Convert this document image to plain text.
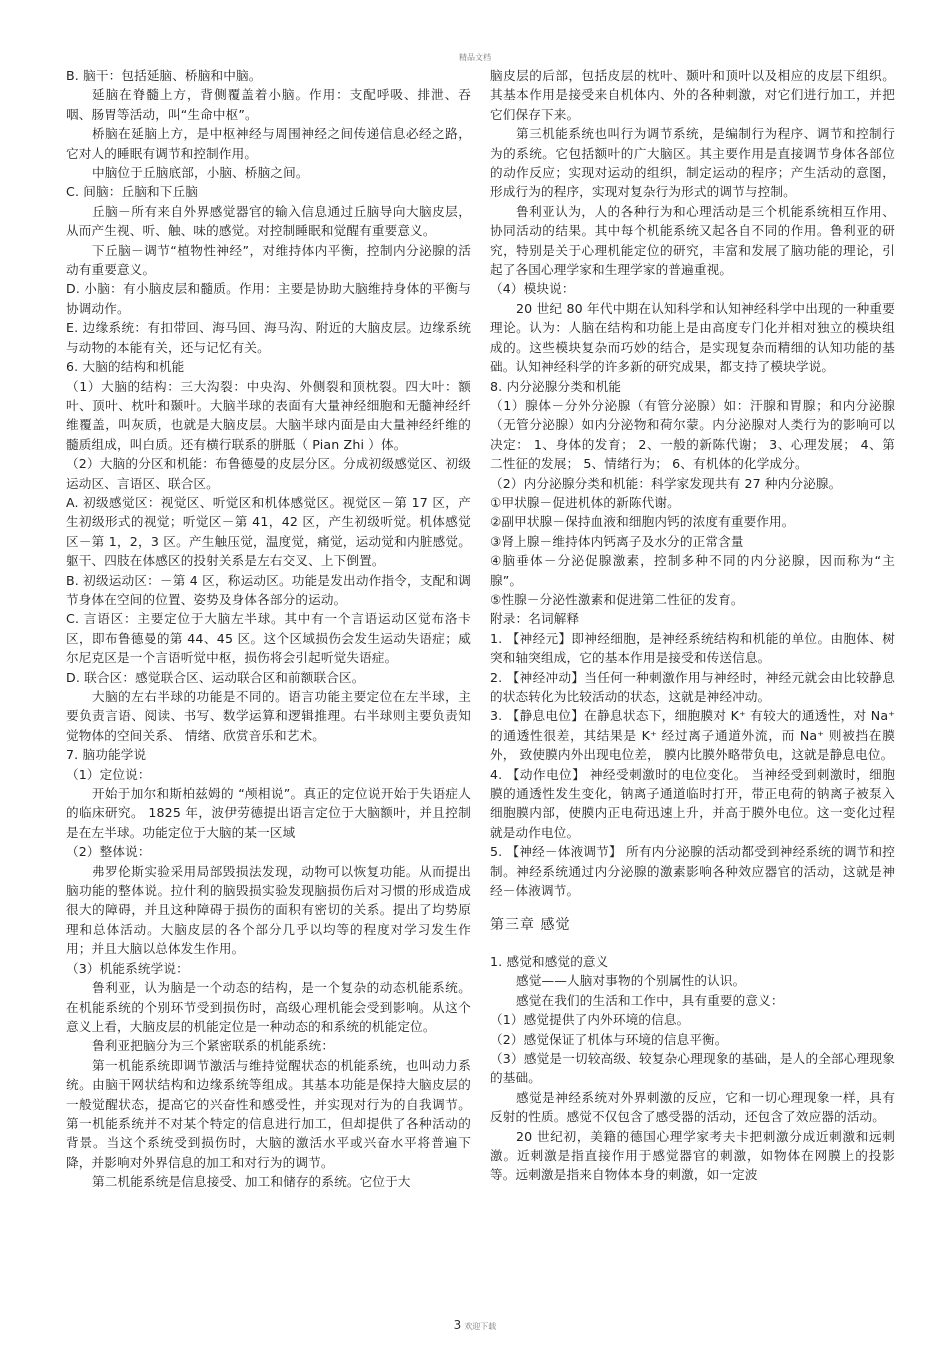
精品文档

B. 脑干：包括延脑、桥脑和中脑。

延脑在脊髓上方，背侧覆盖着小脑。作用：支配呼吸、排泄、吞咽、肠胃等活动，叫“生命中枢”。

桥脑在延脑上方，是中枢神经与周围神经之间传递信息必经之路，它对人的睡眠有调节和控制作用。

中脑位于丘脑底部，小脑、桥脑之间。

C. 间脑：丘脑和下丘脑

丘脑－所有来自外界感觉器官的输入信息通过丘脑导向大脑皮层，从而产生视、听、触、味的感觉。对控制睡眠和觉醒有重要意义。

下丘脑－调节“植物性神经”，对维持体内平衡，控制内分泌腺的活动有重要意义。

D. 小脑：有小脑皮层和髓质。作用：主要是协助大脑维持身体的平衡与协调动作。

E. 边缘系统：有扣带回、海马回、海马沟、附近的大脑皮层。边缘系统与动物的本能有关，还与记忆有关。

6. 大脑的结构和机能

（1）大脑的结构：三大沟裂：中央沟、外侧裂和顶枕裂。四大叶：额叶、顶叶、枕叶和颞叶。大脑半球的表面有大量神经细胞和无髓神经纤维覆盖，叫灰质，也就是大脑皮层。大脑半球内面是由大量神经纤维的髓质组成，叫白质。还有横行联系的胼胝（ Pian Zhi ）体。

（2）大脑的分区和机能：布鲁德曼的皮层分区。分成初级感觉区、初级运动区、言语区、联合区。

A. 初级感觉区：视觉区、听觉区和机体感觉区。视觉区－第 17 区，产生初级形式的视觉；听觉区－第 41，42 区，产生初级听觉。机体感觉区－第 1，2，3 区。产生触压觉，温度觉，痛觉，运动觉和内脏感觉。躯干、四肢在体感区的投射关系是左右交叉、上下倒置。

B. 初级运动区：－第 4 区，称运动区。功能是发出动作指令，支配和调节身体在空间的位置、姿势及身体各部分的运动。

C. 言语区：主要定位于大脑左半球。其中有一个言语运动区觉布洛卡区，即布鲁德曼的第 44、45 区。这个区域损伤会发生运动失语症；威尔尼克区是一个言语听觉中枢，损伤将会引起听觉失语症。

D. 联合区：感觉联合区、运动联合区和前额联合区。

大脑的左右半球的功能是不同的。语言功能主要定位在左半球，主要负责言语、阅读、书写、数学运算和逻辑推理。右半球则主要负责知觉物体的空间关系、 情绪、欣赏音乐和艺术。

7. 脑功能学说

（1）定位说：

开始于加尔和斯柏兹姆的 “颅相说”。真正的定位说开始于失语症人的临床研究。 1825 年，波伊劳德提出语言定位于大脑额叶，并且控制是在左半球。功能定位于大脑的某一区域

（2）整体说：

弗罗伦斯实验采用局部毁损法发现，动物可以恢复功能。从而提出脑功能的整体说。拉什利的脑毁损实验发现脑损伤后对习惯的形成造成很大的障碍，并且这种障碍于损伤的面积有密切的关系。提出了均势原理和总体活动。大脑皮层的各个部分几乎以均等的程度对学习发生作用；并且大脑以总体发生作用。

（3）机能系统学说：

鲁利亚，认为脑是一个动态的结构，是一个复杂的动态机能系统。在机能系统的个别环节受到损伤时，高级心理机能会受到影响。从这个意义上看，大脑皮层的机能定位是一种动态的和系统的机能定位。

鲁利亚把脑分为三个紧密联系的机能系统：

第一机能系统即调节激活与维持觉醒状态的机能系统，也叫动力系统。由脑干网状结构和边缘系统等组成。其基本功能是保持大脑皮层的一般觉醒状态，提高它的兴奋性和感受性，并实现对行为的自我调节。第一机能系统并不对某个特定的信息进行加工，但却提供了各种活动的背景。当这个系统受到损伤时，大脑的激活水平或兴奋水平将普遍下降，并影响对外界信息的加工和对行为的调节。

第二机能系统是信息接受、加工和储存的系统。它位于大

脑皮层的后部，包括皮层的枕叶、颞叶和顶叶以及相应的皮层下组织。其基本作用是接受来自机体内、外的各种刺激，对它们进行加工，并把它们保存下来。

第三机能系统也叫行为调节系统，是编制行为程序、调节和控制行为的系统。它包括额叶的广大脑区。其主要作用是直接调节身体各部位的动作反应；实现对运动的组织，制定运动的程序；产生活动的意图，形成行为的程序，实现对复杂行为形式的调节与控制。

鲁利亚认为，人的各种行为和心理活动是三个机能系统相互作用、协同活动的结果。其中每个机能系统又起各自不同的作用。鲁利亚的研究，特别是关于心理机能定位的研究，丰富和发展了脑功能的理论，引起了各国心理学家和生理学家的普遍重视。

（4）模块说：

20 世纪 80 年代中期在认知科学和认知神经科学中出现的一种重要理论。认为：人脑在结构和功能上是由高度专门化并相对独立的模块组成的。这些模块复杂而巧妙的结合，是实现复杂而精细的认知功能的基础。认知神经科学的许多新的研究成果，都支持了模块学说。

8. 内分泌腺分类和机能

（1）腺体－分外分泌腺（有管分泌腺）如：汗腺和胃腺；和内分泌腺（无管分泌腺）如内分泌物和荷尔蒙。内分泌腺对人类行为的影响可以决定： 1、身体的发育； 2、一般的新陈代谢； 3、心理发展； 4、第二性征的发展； 5、情绪行为； 6、有机体的化学成分。

（2）内分泌腺分类和机能：科学家发现共有 27 种内分泌腺。

①甲状腺－促进机体的新陈代谢。

②副甲状腺－保持血液和细胞内钙的浓度有重要作用。

③肾上腺－维持体内钙离子及水分的正常含量

④脑垂体－分泌促腺激素，控制多种不同的内分泌腺，因而称为“主腺”。

⑤性腺－分泌性激素和促进第二性征的发育。

附录：名词解释

1. 【神经元】即神经细胞，是神经系统结构和机能的单位。由胞体、树突和轴突组成，它的基本作用是接受和传送信息。

2. 【神经冲动】当任何一种刺激作用与神经时，神经元就会由比较静息的状态转化为比较活动的状态，这就是神经冲动。

3. 【静息电位】在静息状态下，细胞膜对 K⁺ 有较大的通透性，对 Na⁺ 的通透性很差，其结果是 K⁺ 经过离子通道外流，而 Na⁺ 则被挡在膜外， 致使膜内外出现电位差， 膜内比膜外略带负电，这就是静息电位。

4. 【动作电位】 神经受刺激时的电位变化。 当神经受到刺激时，细胞膜的通透性发生变化，钠离子通道临时打开，带正电荷的钠离子被泵入细胞膜内部，使膜内正电荷迅速上升，并高于膜外电位。这一变化过程就是动作电位。

5. 【神经－体液调节】 所有内分泌腺的活动都受到神经系统的调节和控制。神经系统通过内分泌腺的激素影响各种效应器官的活动，这就是神经－体液调节。

第三章 感觉

1. 感觉和感觉的意义

感觉——人脑对事物的个别属性的认识。

感觉在我们的生活和工作中，具有重要的意义：

（1）感觉提供了内外环境的信息。

（2）感觉保证了机体与环境的信息平衡。

（3）感觉是一切较高级、较复杂心理现象的基础，是人的全部心理现象的基础。

感觉是神经系统对外界刺激的反应，它和一切心理现象一样，具有反射的性质。感觉不仅包含了感受器的活动，还包含了效应器的活动。

20 世纪初，美籍的德国心理学家考夫卡把刺激分成近刺激和远刺激。近刺激是指直接作用于感觉器官的刺激，如物体在网膜上的投影等。远刺激是指来自物体本身的刺激，如一定波

3 欢迎下载
